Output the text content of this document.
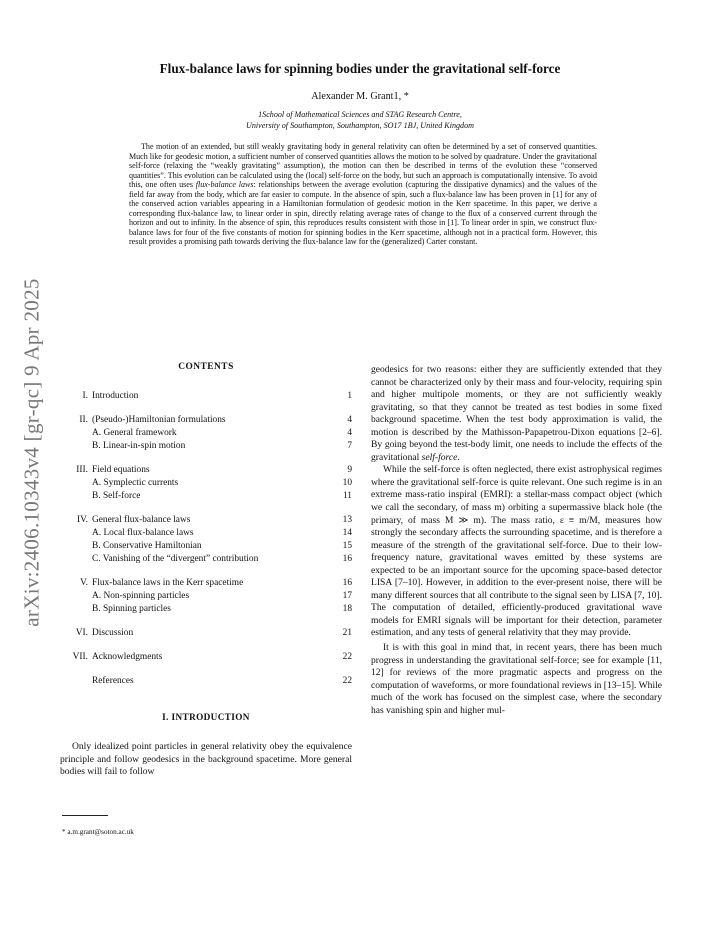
arXiv:2406.10343v4 [gr-qc] 9 Apr 2025
Flux-balance laws for spinning bodies under the gravitational self-force
Alexander M. Grant1, *
1School of Mathematical Sciences and STAG Research Centre,
University of Southampton, Southampton, SO17 1BJ, United Kingdom

The motion of an extended, but still weakly gravitating body in general relativity can often be determined by a set of conserved quantities. Much like for geodesic motion, a sufficient number of conserved quantities allows the motion to be solved by quadrature. Under the gravitational self-force (relaxing the “weakly gravitating” assumption), the motion can then be described in terms of the evolution these “conserved quantities”. This evolution can be calculated using the (local) self-force on the body, but such an approach is computationally intensive. To avoid this, one often uses flux-balance laws: relationships between the average evolution (capturing the dissipative dynamics) and the values of the field far away from the body, which are far easier to compute. In the absence of spin, such a flux-balance law has been proven in [1] for any of the conserved action variables appearing in a Hamiltonian formulation of geodesic motion in the Kerr spacetime. In this paper, we derive a corresponding flux-balance law, to linear order in spin, directly relating average rates of change to the flux of a conserved current through the horizon and out to infinity. In the absence of spin, this reproduces results consistent with those in [1]. To linear order in spin, we construct flux-balance laws for four of the five constants of motion for spinning bodies in the Kerr spacetime, although not in a practical form. However, this result provides a promising path towards deriving the flux-balance law for the (generalized) Carter constant.

CONTENTS
I. Introduction	1
II. (Pseudo-)Hamiltonian formulations	4
A. General framework	4
B. Linear-in-spin motion	7
III. Field equations	9
A. Symplectic currents	10
B. Self-force	11
IV. General flux-balance laws	13
A. Local flux-balance laws	14
B. Conservative Hamiltonian	15
C. Vanishing of the “divergent” contribution	16
V. Flux-balance laws in the Kerr spacetime	16
A. Non-spinning particles	17
B. Spinning particles	18
VI. Discussion	21
VII. Acknowledgments	22
References	22
I. INTRODUCTION

Only idealized point particles in general relativity obey the equivalence principle and follow geodesics in the background spacetime. More general bodies will fail to follow

* a.m.grant@soton.ac.uk

geodesics for two reasons: either they are sufficiently extended that they cannot be characterized only by their mass and four-velocity, requiring spin and higher multipole moments, or they are not sufficiently weakly gravitating, so that they cannot be treated as test bodies in some fixed background spacetime. When the test body approximation is valid, the motion is described by the Mathisson-Papapetrou-Dixon equations [2–6]. By going beyond the test-body limit, one needs to include the effects of the gravitational self-force.

While the self-force is often neglected, there exist astrophysical regimes where the gravitational self-force is quite relevant. One such regime is in an extreme mass-ratio inspiral (EMRI): a stellar-mass compact object (which we call the secondary, of mass m) orbiting a supermassive black hole (the primary, of mass M ≫ m). The mass ratio, ε ≡ m/M, measures how strongly the secondary affects the surrounding spacetime, and is therefore a measure of the strength of the gravitational self-force. Due to their low-frequency nature, gravitational waves emitted by these systems are expected to be an important source for the upcoming space-based detector LISA [7–10]. However, in addition to the ever-present noise, there will be many different sources that all contribute to the signal seen by LISA [7, 10]. The computation of detailed, efficiently-produced gravitational wave models for EMRI signals will be important for their detection, parameter estimation, and any tests of general relativity that they may provide.

It is with this goal in mind that, in recent years, there has been much progress in understanding the gravitational self-force; see for example [11, 12] for reviews of the more pragmatic aspects and progress on the computation of waveforms, or more foundational reviews in [13–15]. While much of the work has focused on the simplest case, where the secondary has vanishing spin and higher mul-
